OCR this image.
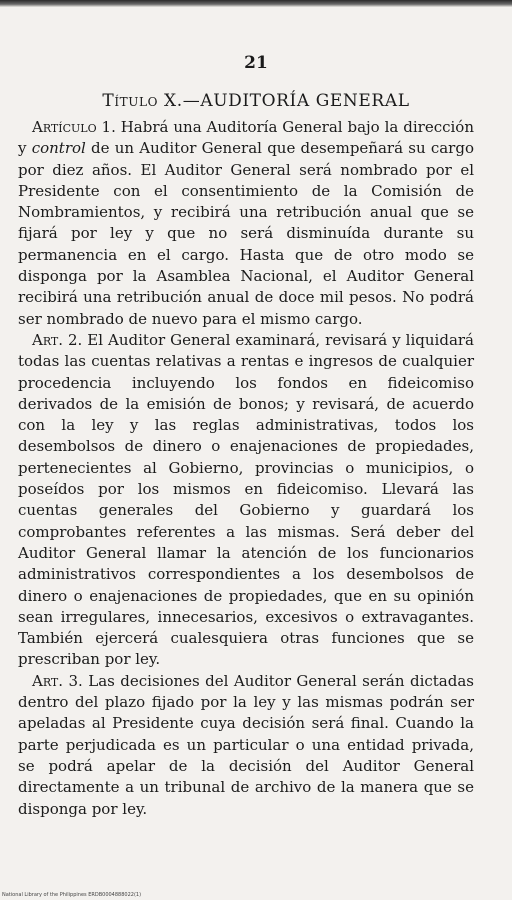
21
Título X.—AUDITORÍA GENERAL

Artículo 1. Habrá una Auditoría General bajo la dirección y control de un Auditor General que desempeñará su cargo por diez años. El Auditor General será nombrado por el Presidente con el consentimiento de la Comisión de Nombramientos, y recibirá una retribución anual que se fijará por ley y que no será disminuída durante su permanencia en el cargo. Hasta que de otro modo se disponga por la Asamblea Nacional, el Auditor General recibirá una retribución anual de doce mil pesos. No podrá ser nombrado de nuevo para el mismo cargo.

Art. 2. El Auditor General examinará, revisará y liquidará todas las cuentas relativas a rentas e ingresos de cualquier procedencia incluyendo los fondos en fideicomiso derivados de la emisión de bonos; y revisará, de acuerdo con la ley y las reglas administrativas, todos los desembolsos de dinero o enajenaciones de propiedades, pertenecientes al Gobierno, provincias o municipios, o poseídos por los mismos en fideicomiso. Llevará las cuentas generales del Gobierno y guardará los comprobantes referentes a las mismas. Será deber del Auditor General llamar la atención de los funcionarios administrativos correspondientes a los desembolsos de dinero o enajenaciones de propiedades, que en su opinión sean irregulares, innecesarios, excesivos o extravagantes. También ejercerá cualesquiera otras funciones que se prescriban por ley.

Art. 3. Las decisiones del Auditor General serán dictadas dentro del plazo fijado por la ley y las mismas podrán ser apeladas al Presidente cuya decisión será final. Cuando la parte perjudicada es un particular o una entidad privada, se podrá apelar de la decisión del Auditor General directamente a un tribunal de archivo de la manera que se disponga por ley.

National Library of the Philippines ERDB0004888022(1)
